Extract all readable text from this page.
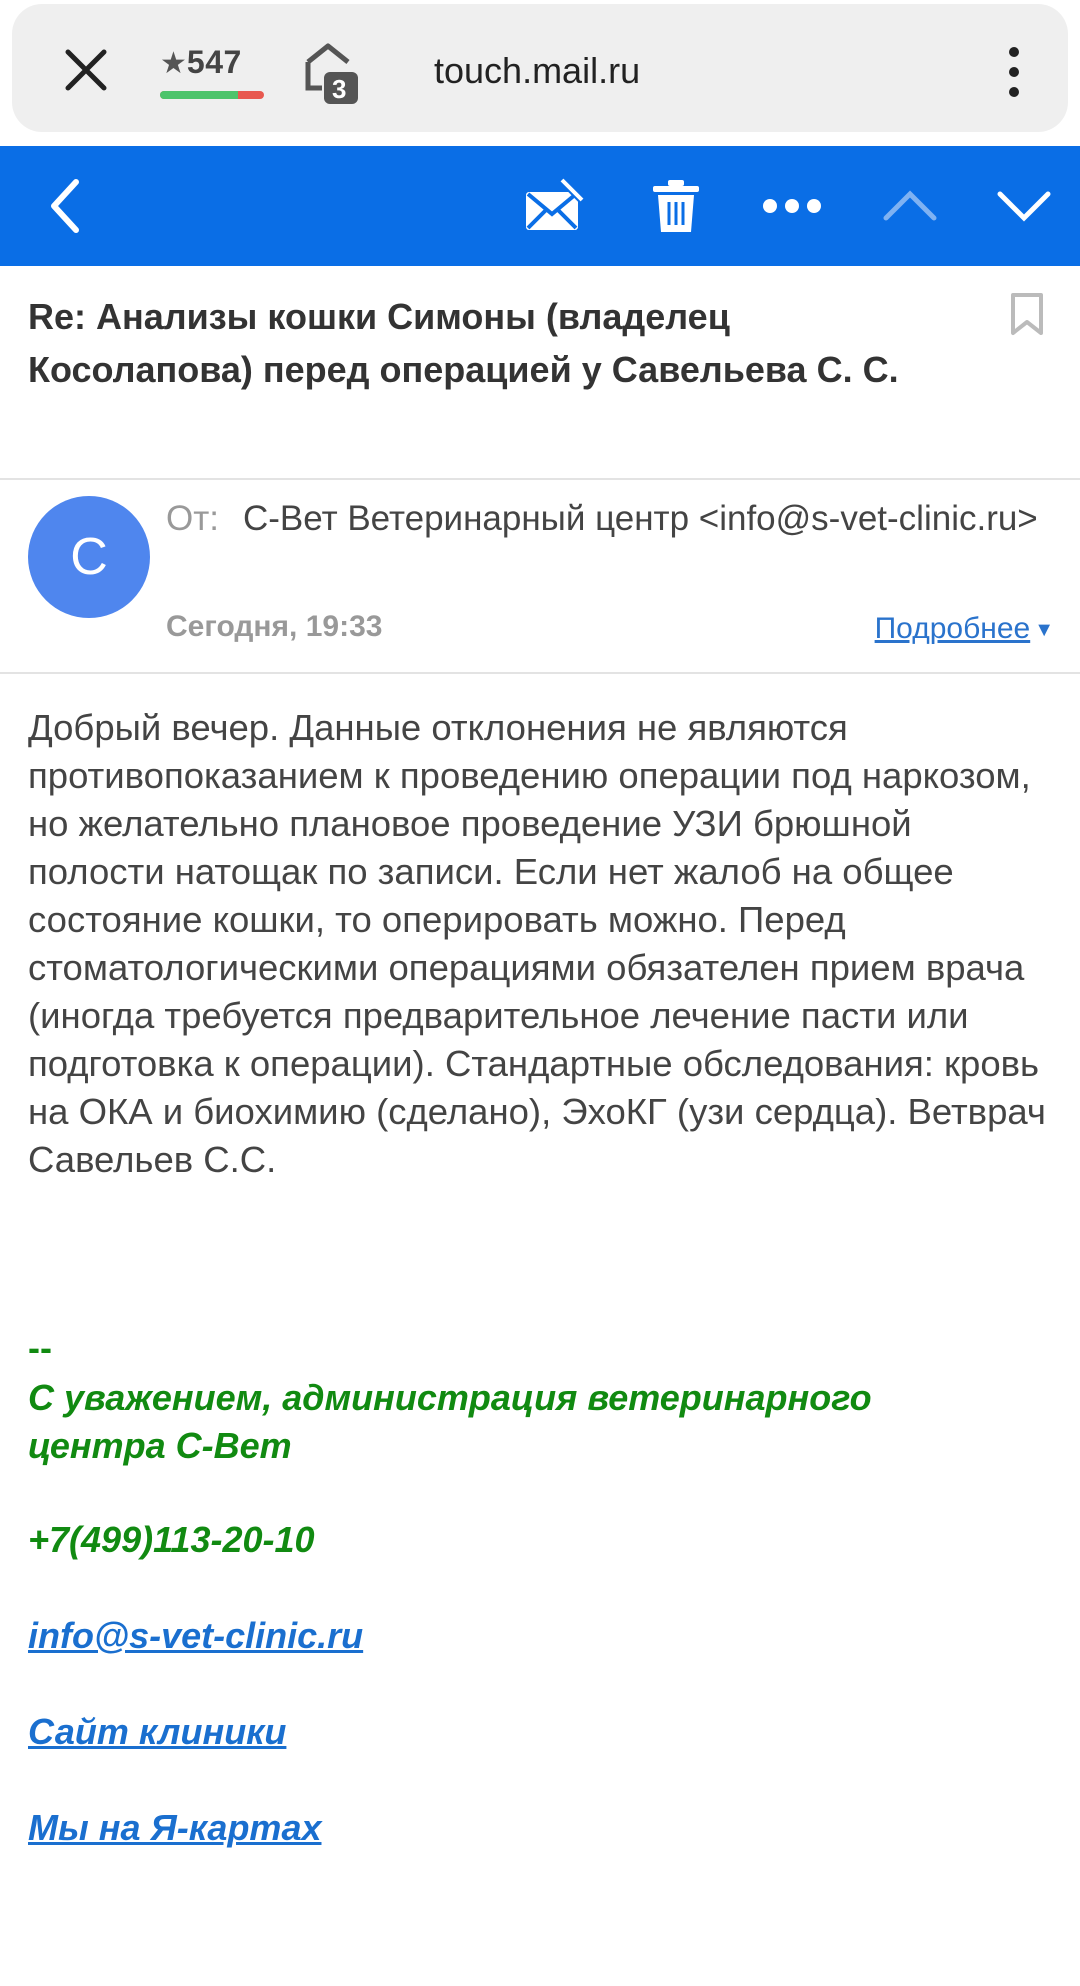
★547
3 touch.mail.ru
Re: Анализы кошки Симоны (владелец Косолапова) перед операцией у Савельева С. С.
С
От: С-Вет Ветеринарный центр <info@s-vet-clinic.ru>
Сегодня, 19:33	Подробнее ▼
Добрый вечер. Данные отклонения не являются противопоказанием к проведению операции под наркозом, но желательно плановое проведение УЗИ брюшной полости натощак по записи. Если нет жалоб на общее состояние кошки, то оперировать можно. Перед стоматологическими операциями обязателен прием врача (иногда требуется предварительное лечение пасти или подготовка к операции). Стандартные обследования: кровь на ОКА и биохимию (сделано), ЭхоКГ (узи сердца). Ветврач Савельев С.С.
--
С уважением, администрация ветеринарного центра С-Вет
+7(499)113-20-10
info@s-vet-clinic.ru
Сайт клиники
Мы на Я-картах
